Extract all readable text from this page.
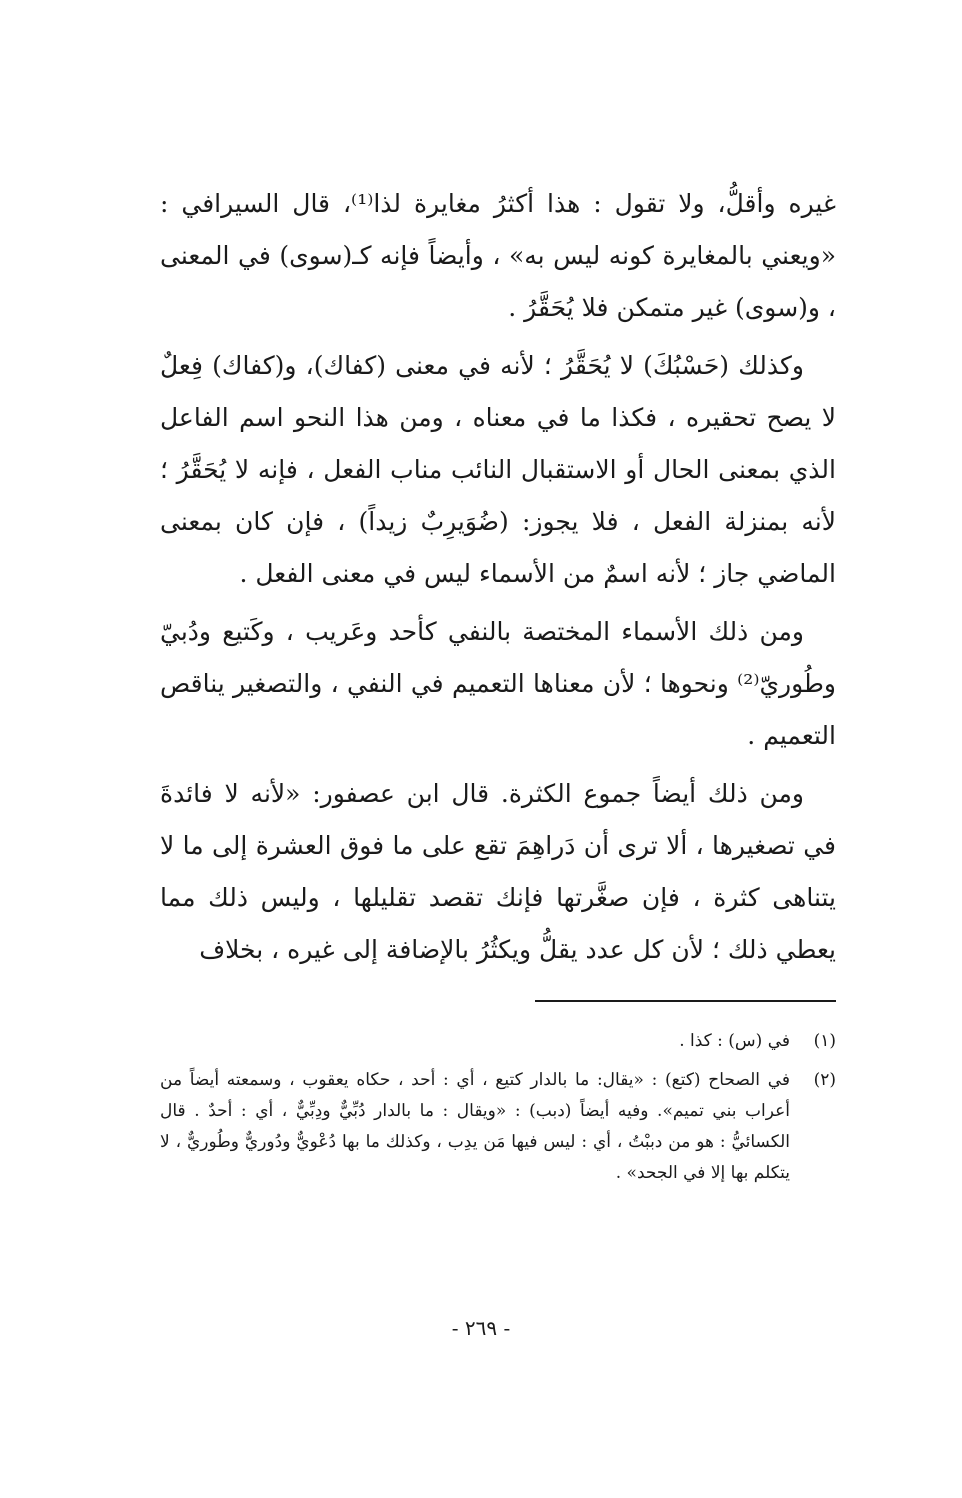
غيره وأقلُّ، ولا تقول : هذا أكثرُ مغايرة لذا⁽¹⁾، قال السيرافي : «ويعني بالمغايرة كونه ليس به» ، وأيضاً فإنه كـ(سوى) في المعنى ، و(سوى) غير متمكن فلا يُحَقَّرُ .

وكذلك (حَسْبُكَ) لا يُحَقَّرُ ؛ لأنه في معنى (كفاك)، و(كفاك) فِعلٌ لا يصح تحقيره ، فكذا ما في معناه ، ومن هذا النحو اسم الفاعل الذي بمعنى الحال أو الاستقبال النائب مناب الفعل ، فإنه لا يُحَقَّرُ ؛ لأنه بمنزلة الفعل ، فلا يجوز: (ضُوَيرِبٌ زيداً) ، فإن كان بمعنى الماضي جاز ؛ لأنه اسمٌ من الأسماء ليس في معنى الفعل .

ومن ذلك الأسماء المختصة بالنفي كأحد وعَريب ، وكَتيع ودُبيّ وطُوريّ⁽²⁾ ونحوها ؛ لأن معناها التعميم في النفي ، والتصغير يناقص التعميم .

ومن ذلك أيضاً جموع الكثرة. قال ابن عصفور: «لأنه لا فائدةَ في تصغيرها ، ألا ترى أن دَراهِمَ تقع على ما فوق العشرة إلى ما لا يتناهى كثرة ، فإن صغَّرتها فإنك تقصد تقليلها ، وليس ذلك مما يعطي ذلك ؛ لأن كل عدد يقلُّ ويكثُرُ بالإضافة إلى غيره ، بخلاف

(١)
في (س) : كذا .
(٢)
في الصحاح (كتع) : «يقال: ما بالدار كتيع ، أي : أحد ، حكاه يعقوب ، وسمعته أيضاً من أعراب بني تميم». وفيه أيضاً (دبب) : «ويقال : ما بالدار دُبِّيٌّ ودِبِّيٌّ ، أي : أحدٌ . قال الكسائيُّ : هو من دببْتُ ، أي : ليس فيها مَن يدِب ، وكذلك ما بها دُعْويٌّ ودُوريٌّ وطُوريٌّ ، لا يتكلم بها إلا في الجحد» .
- ٢٦٩ -
